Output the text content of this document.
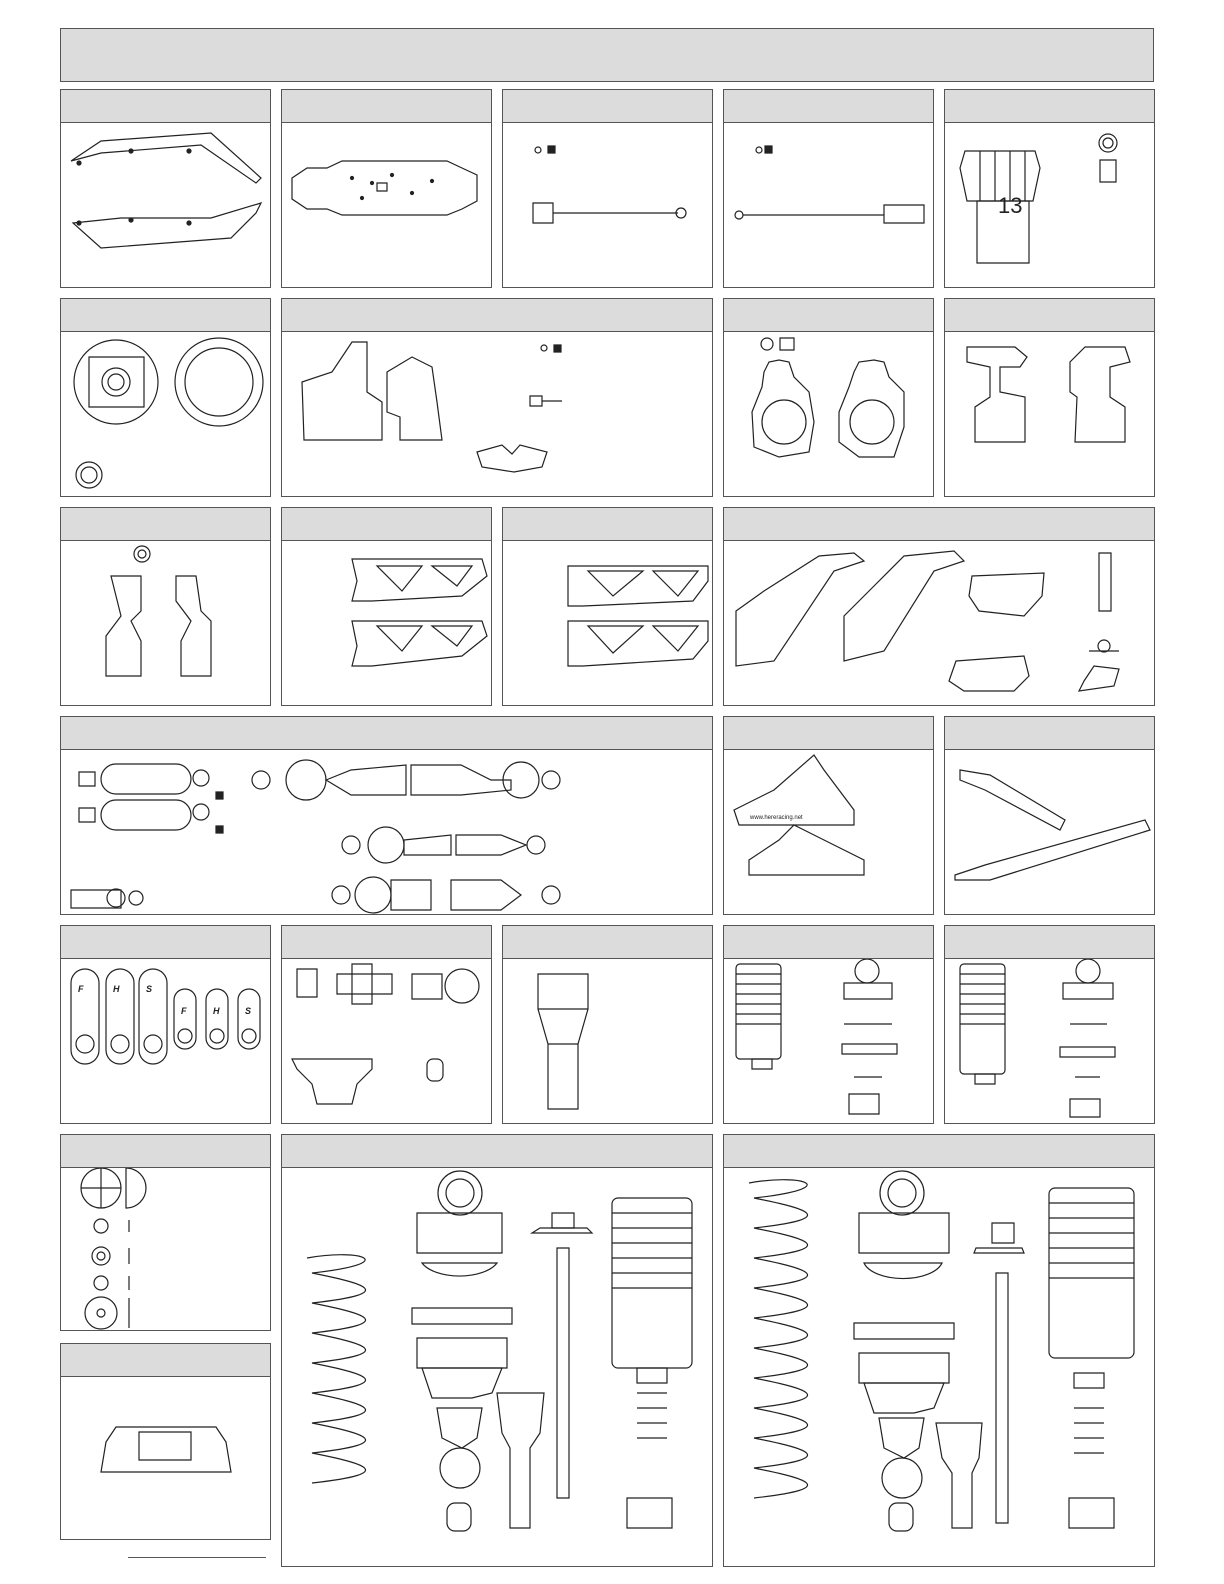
13
www.hereracing.net
F	H	S
F	H	S
